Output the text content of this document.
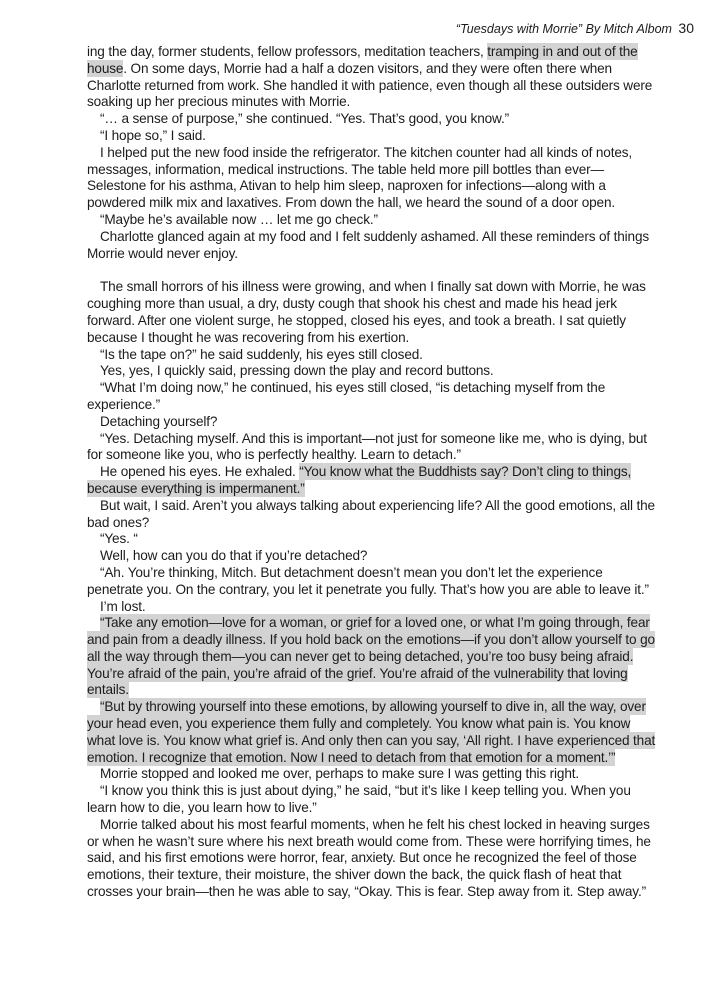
“Tuesdays with Morrie” By Mitch Albom 30

ing the day, former students, fellow professors, meditation teachers, tramping in and out of the house. On some days, Morrie had a half a dozen visitors, and they were often there when Charlotte returned from work. She handled it with patience, even though all these outsiders were soaking up her precious minutes with Morrie.

“… a sense of purpose,” she continued. “Yes. That’s good, you know.”

“I hope so,” I said.

I helped put the new food inside the refrigerator. The kitchen counter had all kinds of notes, messages, information, medical instructions. The table held more pill bottles than ever—Selestone for his asthma, Ativan to help him sleep, naproxen for infections—along with a powdered milk mix and laxatives. From down the hall, we heard the sound of a door open.

“Maybe he’s available now … let me go check.”

Charlotte glanced again at my food and I felt suddenly ashamed. All these reminders of things Morrie would never enjoy.

The small horrors of his illness were growing, and when I finally sat down with Morrie, he was coughing more than usual, a dry, dusty cough that shook his chest and made his head jerk forward. After one violent surge, he stopped, closed his eyes, and took a breath. I sat quietly because I thought he was recovering from his exertion.

“Is the tape on?” he said suddenly, his eyes still closed.

Yes, yes, I quickly said, pressing down the play and record buttons.

“What I’m doing now,” he continued, his eyes still closed, “is detaching myself from the experience.”

Detaching yourself?

“Yes. Detaching myself. And this is important—not just for someone like me, who is dying, but for someone like you, who is perfectly healthy. Learn to detach.”

He opened his eyes. He exhaled. “You know what the Buddhists say? Don’t cling to things, because everything is impermanent.”

But wait, I said. Aren’t you always talking about experiencing life? All the good emotions, all the bad ones?

“Yes. “

Well, how can you do that if you’re detached?

“Ah. You’re thinking, Mitch. But detachment doesn’t mean you don’t let the experience penetrate you. On the contrary, you let it penetrate you fully. That’s how you are able to leave it.”

I’m lost.

“Take any emotion—love for a woman, or grief for a loved one, or what I’m going through, fear and pain from a deadly illness. If you hold back on the emotions—if you don’t allow yourself to go all the way through them—you can never get to being detached, you’re too busy being afraid. You’re afraid of the pain, you’re afraid of the grief. You’re afraid of the vulnerability that loving entails.

“But by throwing yourself into these emotions, by allowing yourself to dive in, all the way, over your head even, you experience them fully and completely. You know what pain is. You know what love is. You know what grief is. And only then can you say, ‘All right. I have experienced that emotion. I recognize that emotion. Now I need to detach from that emotion for a moment.’”

Morrie stopped and looked me over, perhaps to make sure I was getting this right.

“I know you think this is just about dying,” he said, “but it’s like I keep telling you. When you learn how to die, you learn how to live.”

Morrie talked about his most fearful moments, when he felt his chest locked in heaving surges or when he wasn’t sure where his next breath would come from. These were horrifying times, he said, and his first emotions were horror, fear, anxiety. But once he recognized the feel of those emotions, their texture, their moisture, the shiver down the back, the quick flash of heat that crosses your brain—then he was able to say, “Okay. This is fear. Step away from it. Step away.”
